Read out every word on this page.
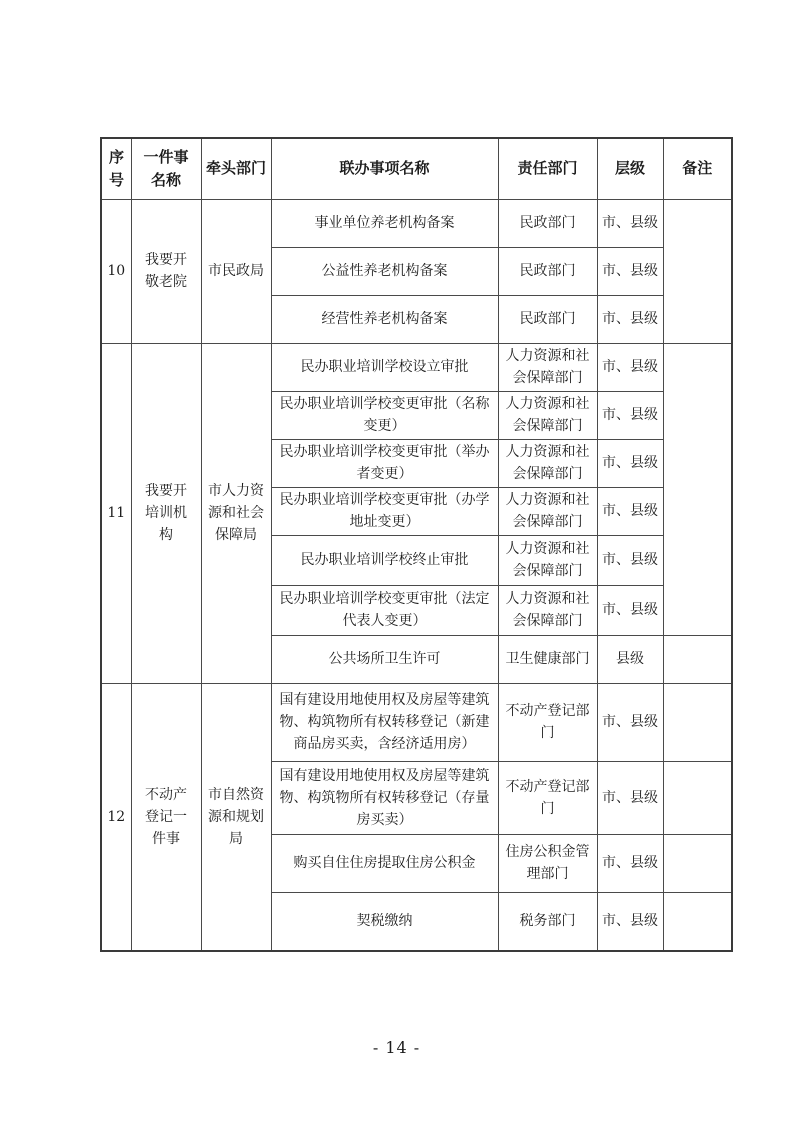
序号	一件事名称	牵头部门	联办事项名称	责任部门	层级	备注
10	我要开敬老院	市民政局	事业单位养老机构备案	民政部门	市、县级	
			公益性养老机构备案	民政部门	市、县级	
			经营性养老机构备案	民政部门	市、县级	
11	我要开培训机构	市人力资源和社会保障局	民办职业培训学校设立审批	人力资源和社会保障部门	市、县级	
			民办职业培训学校变更审批（名称变更）	人力资源和社会保障部门	市、县级	
			民办职业培训学校变更审批（举办者变更）	人力资源和社会保障部门	市、县级	
			民办职业培训学校变更审批（办学地址变更）	人力资源和社会保障部门	市、县级	
			民办职业培训学校终止审批	人力资源和社会保障部门	市、县级	
			民办职业培训学校变更审批（法定代表人变更）	人力资源和社会保障部门	市、县级	
			公共场所卫生许可	卫生健康部门	县级	
12	不动产登记一件事	市自然资源和规划局	国有建设用地使用权及房屋等建筑物、构筑物所有权转移登记（新建商品房买卖，含经济适用房）	不动产登记部门	市、县级	
			国有建设用地使用权及房屋等建筑物、构筑物所有权转移登记（存量房买卖）	不动产登记部门	市、县级	
			购买自住住房提取住房公积金	住房公积金管理部门	市、县级	
			契税缴纳	税务部门	市、县级	
- 14 -
